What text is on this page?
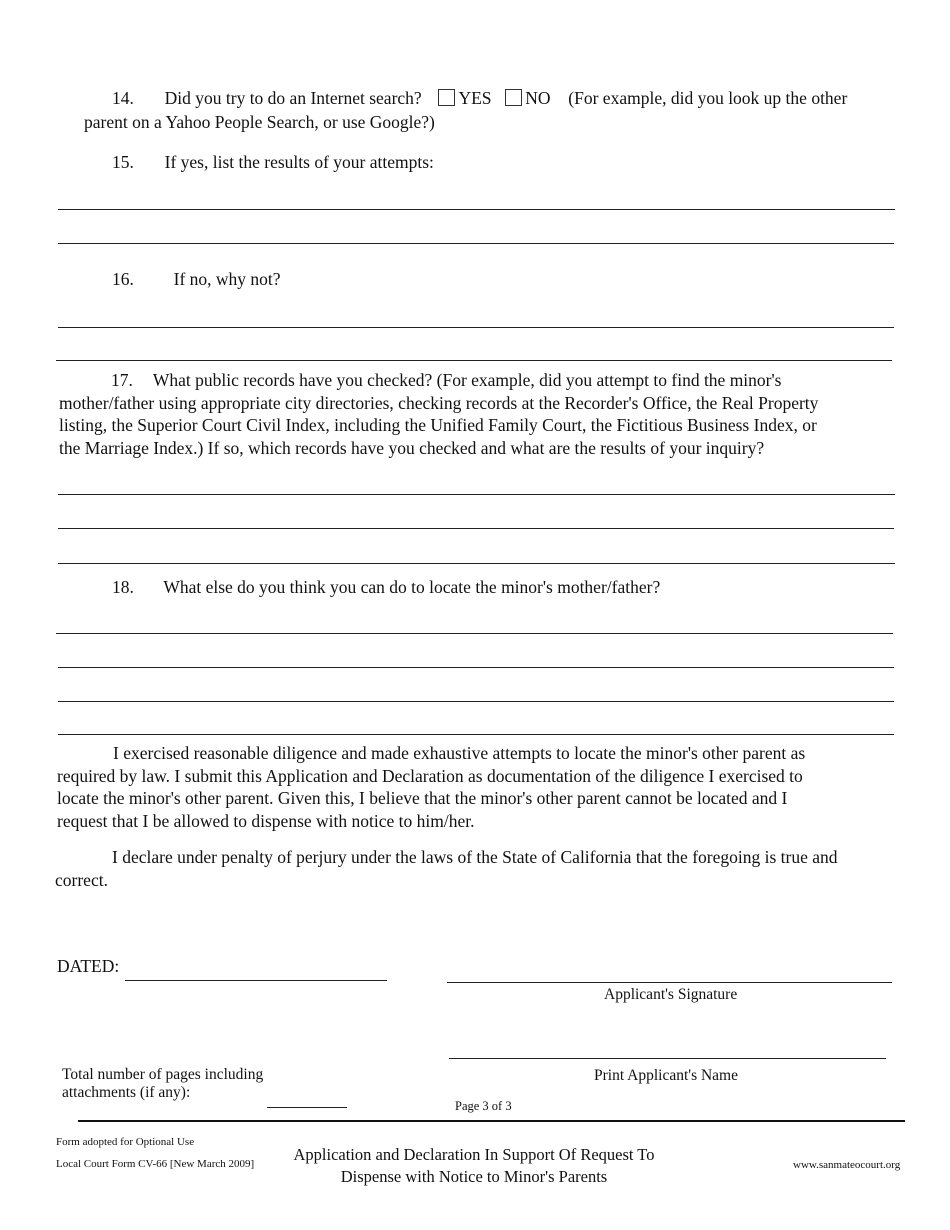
14. Did you try to do an Internet search? YES NO (For example, did you look up the other
parent on a Yahoo People Search, or use Google?)
15. If yes, list the results of your attempts:
16. If no, why not?
17. What public records have you checked? (For example, did you attempt to find the minor's
mother/father using appropriate city directories, checking records at the Recorder's Office, the Real Property
listing, the Superior Court Civil Index, including the Unified Family Court, the Fictitious Business Index, or
the Marriage Index.) If so, which records have you checked and what are the results of your inquiry?
18. What else do you think you can do to locate the minor's mother/father?
I exercised reasonable diligence and made exhaustive attempts to locate the minor's other parent as
required by law. I submit this Application and Declaration as documentation of the diligence I exercised to
locate the minor's other parent. Given this, I believe that the minor's other parent cannot be located and I
request that I be allowed to dispense with notice to him/her.
I declare under penalty of perjury under the laws of the State of California that the foregoing is true and
correct.
DATED:
Applicant's Signature
Print Applicant's Name
Total number of pages including
attachments (if any):
Page 3 of 3
Form adopted for Optional Use
Local Court Form CV-66 [New March 2009]	Application and Declaration In Support Of Request To
Dispense with Notice to Minor's Parents
www.sanmateocourt.org
